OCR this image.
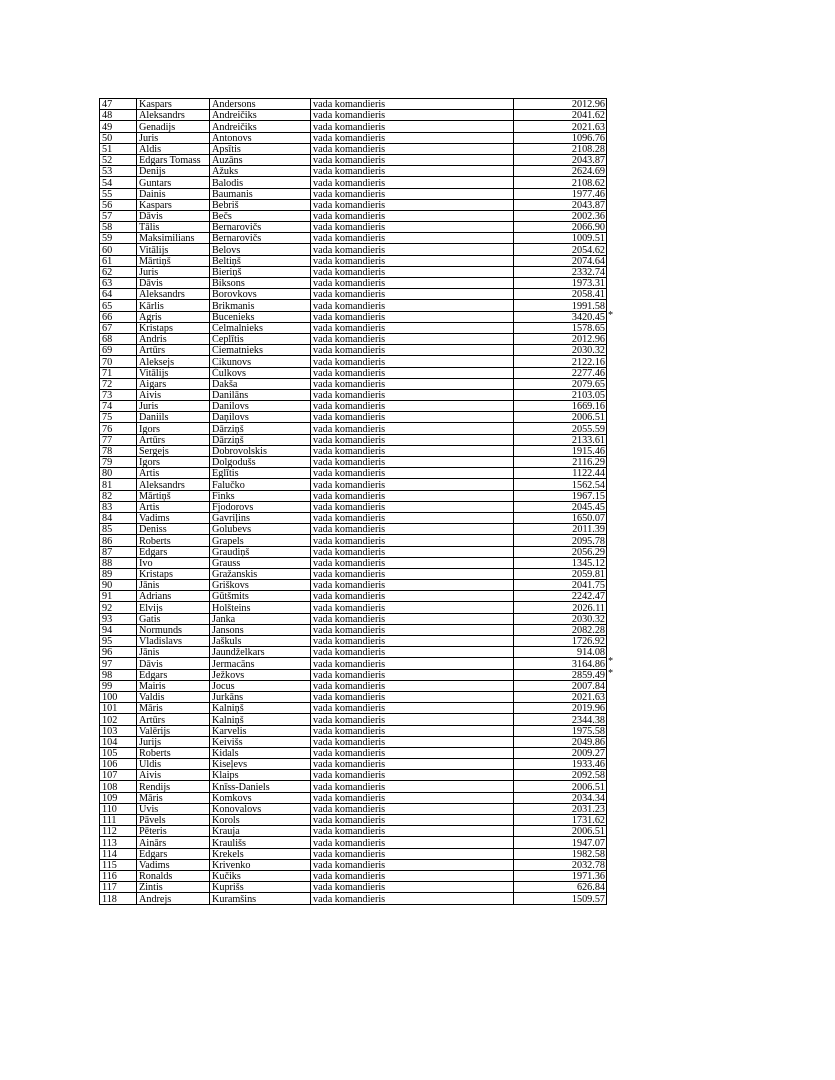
47	Kaspars	Andersons	vada komandieris	2012.96
48	Aleksandrs	Andreičiks	vada komandieris	2041.62
49	Genadijs	Andreičiks	vada komandieris	2021.63
50	Juris	Antonovs	vada komandieris	1096.76
51	Aldis	Apsītis	vada komandieris	2108.28
52	Edgars Tomass	Auzāns	vada komandieris	2043.87
53	Denijs	Ažuks	vada komandieris	2624.69
54	Guntars	Balodis	vada komandieris	2108.62
55	Dainis	Baumanis	vada komandieris	1977.46
56	Kaspars	Bebriš	vada komandieris	2043.87
57	Dāvis	Bečs	vada komandieris	2002.36
58	Tālis	Bernarovičs	vada komandieris	2066.90
59	Maksimilians	Bernarovičs	vada komandieris	1009.51
60	Vitālijs	Belovs	vada komandieris	2054.62
61	Mārtiņš	Beltiņš	vada komandieris	2074.64
62	Juris	Bieriņš	vada komandieris	2332.74
63	Dāvis	Biksons	vada komandieris	1973.31
64	Aleksandrs	Borovkovs	vada komandieris	2058.41
65	Kārlis	Brikmanis	vada komandieris	1991.58
66	Agris	Bucenieks	vada komandieris	3420.45 *

67	Kristaps	Celmalnieks	vada komandieris	1578.65
68	Andris	Ceplītis	vada komandieris	2012.96
69	Artūrs	Ciematnieks	vada komandieris	2030.32
70	Aleksejs	Cikunovs	vada komandieris	2122.16
71	Vitālijs	Čulkovs	vada komandieris	2277.46
72	Aigars	Dakša	vada komandieris	2079.65
73	Aivis	Danilāns	vada komandieris	2103.05
74	Juris	Danilovs	vada komandieris	1669.16
75	Daniils	Daņilovs	vada komandieris	2006.51
76	Igors	Dārziņš	vada komandieris	2055.59
77	Artūrs	Dārziņš	vada komandieris	2133.61
78	Sergejs	Dobrovolskis	vada komandieris	1915.46
79	Igors	Dolgodušs	vada komandieris	2116.29
80	Artis	Eglītis	vada komandieris	1122.44
81	Aleksandrs	Falučko	vada komandieris	1562.54
82	Mārtiņš	Finks	vada komandieris	1967.15
83	Artis	Fjodorovs	vada komandieris	2045.45
84	Vadims	Gavriļins	vada komandieris	1650.07
85	Deniss	Golubevs	vada komandieris	2011.39
86	Roberts	Grapels	vada komandieris	2095.78
87	Edgars	Graudiņš	vada komandieris	2056.29
88	Ivo	Grauss	vada komandieris	1345.12
89	Kristaps	Gražanskis	vada komandieris	2059.81
90	Jānis	Griškovs	vada komandieris	2041.75
91	Adrians	Gūtšmits	vada komandieris	2242.47
92	Elvijs	Holšteins	vada komandieris	2026.11
93	Gatis	Janka	vada komandieris	2030.32
94	Normunds	Jansons	vada komandieris	2082.28
95	Vladislavs	Jaškuls	vada komandieris	1726.92
96	Jānis	Jaundželkars	vada komandieris	914.08
97	Dāvis	Jermacāns	vada komandieris	3164.86 *

98	Edgars	Ježkovs	vada komandieris	2859.49 *

99	Mairis	Jocus	vada komandieris	2007.84
100	Valdis	Jurkāns	vada komandieris	2021.63
101	Māris	Kalniņš	vada komandieris	2019.96
102	Artūrs	Kalniņš	vada komandieris	2344.38
103	Valērijs	Karvelis	vada komandieris	1975.58
104	Jurijs	Keivišs	vada komandieris	2049.86
105	Roberts	Kidals	vada komandieris	2009.27
106	Uldis	Kiseļevs	vada komandieris	1933.46
107	Aivis	Klaips	vada komandieris	2092.58
108	Rendijs	Knīss-Daniels	vada komandieris	2006.51
109	Māris	Komkovs	vada komandieris	2034.34
110	Uvis	Konovalovs	vada komandieris	2031.23
111	Pāvels	Korols	vada komandieris	1731.62
112	Pēteris	Krauja	vada komandieris	2006.51
113	Ainārs	Kraulišs	vada komandieris	1947.07
114	Edgars	Krekels	vada komandieris	1982.58
115	Vadims	Krivenko	vada komandieris	2032.78
116	Ronalds	Kučiks	vada komandieris	1971.36
117	Zintis	Kuprišs	vada komandieris	626.84
118	Andrejs	Kuramšins	vada komandieris	1509.57
